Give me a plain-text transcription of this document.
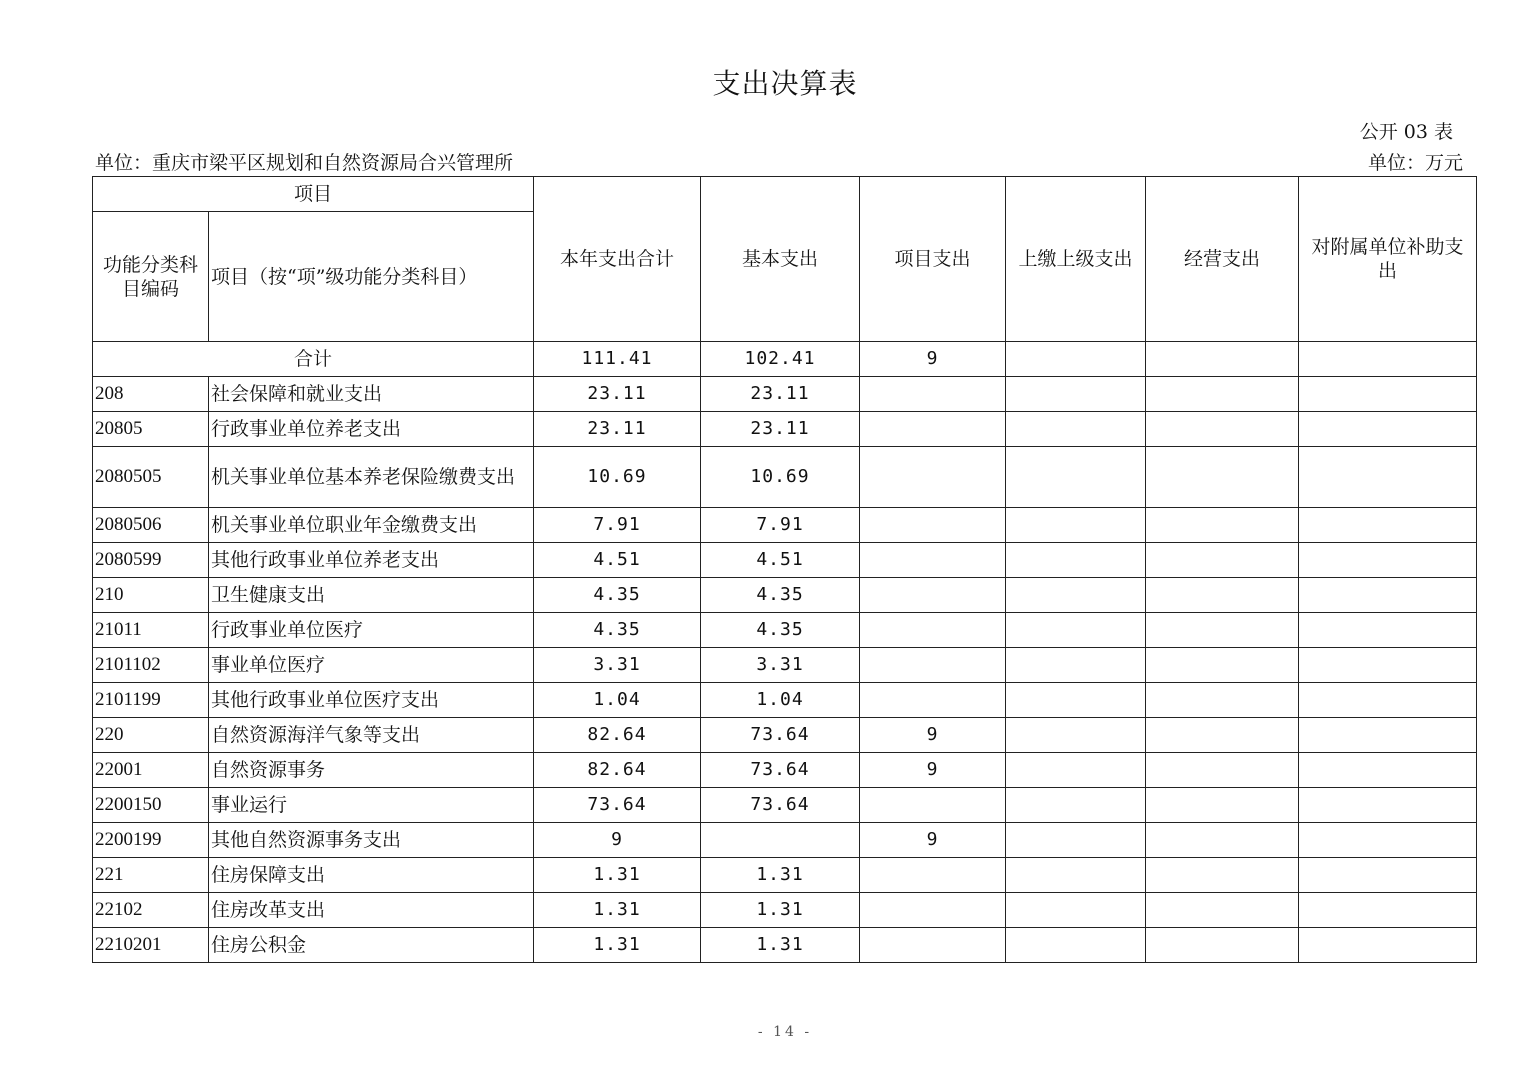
支出决算表
公开 03 表
单位：重庆市梁平区规划和自然资源局合兴管理所	单位：万元
项目		本年支出合计	基本支出	项目支出	上缴上级支出	经营支出	对附属单位补助支出
功能分类科目编码	项目（按“项”级功能分类科目）						
合计		111.41	102.41	9			
208	社会保障和就业支出	23.11	23.11				
20805	行政事业单位养老支出	23.11	23.11				
2080505	机关事业单位基本养老保险缴费支出	10.69	10.69				
2080506	机关事业单位职业年金缴费支出	7.91	7.91				
2080599	其他行政事业单位养老支出	4.51	4.51				
210	卫生健康支出	4.35	4.35				
21011	行政事业单位医疗	4.35	4.35				
2101102	事业单位医疗	3.31	3.31				
2101199	其他行政事业单位医疗支出	1.04	1.04				
220	自然资源海洋气象等支出	82.64	73.64	9			
22001	自然资源事务	82.64	73.64	9			
2200150	事业运行	73.64	73.64				
2200199	其他自然资源事务支出	9		9			
221	住房保障支出	1.31	1.31				
22102	住房改革支出	1.31	1.31				
2210201	住房公积金	1.31	1.31				
- 14 -
